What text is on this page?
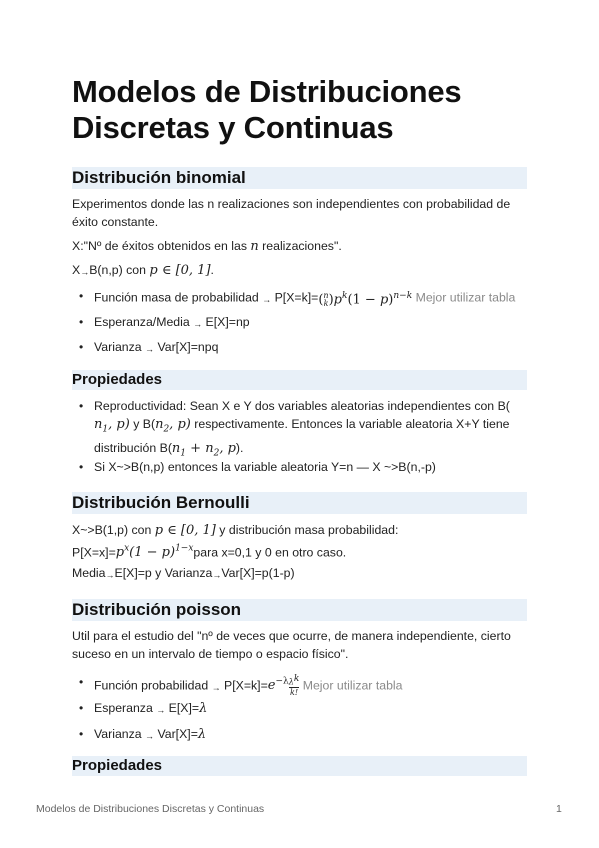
Modelos de Distribuciones
Discretas y Continuas
Distribución binomial
Experimentos donde las n realizaciones son independientes con probabilidad de
éxito constante.
X:"Nº de éxitos obtenidos en las n realizaciones".
X→B(n,p) con p ∈ [0, 1].
• Función masa de probabilidad → P[X=k]=( n
k )$p^k(1 - p)^{n-k}$ Mejor utilizar tabla
• Esperanza/Media → E[X]=np
• Varianza → Var[X]=npq
Propiedades
• Reproductividad: Sean X e Y dos variables aleatorias independientes con B(
$n_1$, p) y $B(n_2$, p) respectivamente. Entonces la variable aleatoria X+Y tiene
distribución $B(n_1 + n_2$, p).
• Si X~>B(n,p) entonces la variable aleatoria Y=n — X ~>B(n,-p)
Distribución Bernoulli
X~>B(1,p) con p ∈ [0, 1] y distribución masa probabilidad:
$P[X=x]=p^x(1$ − $p)^{1-x}para$ x=0,1 y 0 en otro caso.
Media→E[X]=p y Varianza→Var[X]=p(1-p)
Distribución poisson
Util para el estudio del "nº de veces que ocurre, de manera independiente, cierto
suceso en un intervalo de tiempo o espacio físico".
• Función probabilidad → $P[X=k]=e^{-\lambda} \frac{\lambda^k}{k!}$ Mejor utilizar tabla
• Esperanza → E[X]=λ
• Varianza → Var[X]=λ
Propiedades
Modelos de Distribuciones Discretas y Continuas	1
